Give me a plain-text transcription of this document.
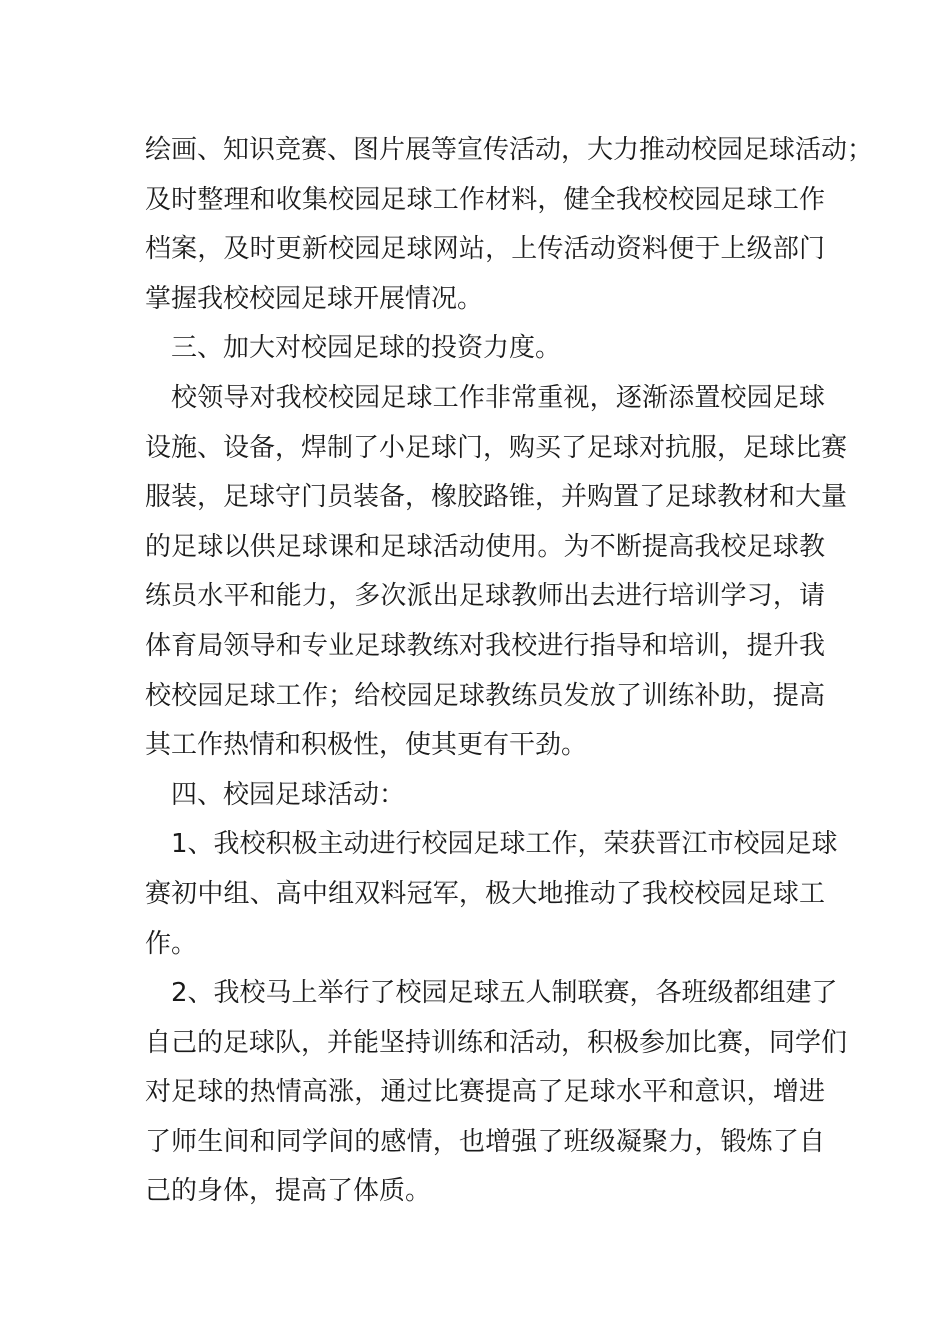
绘画、知识竞赛、图片展等宣传活动，大力推动校园足球活动；
及时整理和收集校园足球工作材料，健全我校校园足球工作
档案，及时更新校园足球网站，上传活动资料便于上级部门
掌握我校校园足球开展情况。
三、加大对校园足球的投资力度。
校领导对我校校园足球工作非常重视，逐渐添置校园足球
设施、设备，焊制了小足球门，购买了足球对抗服，足球比赛
服装，足球守门员装备，橡胶路锥，并购置了足球教材和大量
的足球以供足球课和足球活动使用。为不断提高我校足球教
练员水平和能力，多次派出足球教师出去进行培训学习，请
体育局领导和专业足球教练对我校进行指导和培训，提升我
校校园足球工作；给校园足球教练员发放了训练补助，提高
其工作热情和积极性，使其更有干劲。
四、校园足球活动：
1、我校积极主动进行校园足球工作，荣获晋江市校园足球
赛初中组、高中组双料冠军，极大地推动了我校校园足球工
作。
2、我校马上举行了校园足球五人制联赛，各班级都组建了
自己的足球队，并能坚持训练和活动，积极参加比赛，同学们
对足球的热情高涨，通过比赛提高了足球水平和意识，增进
了师生间和同学间的感情，也增强了班级凝聚力，锻炼了自
己的身体，提高了体质。
